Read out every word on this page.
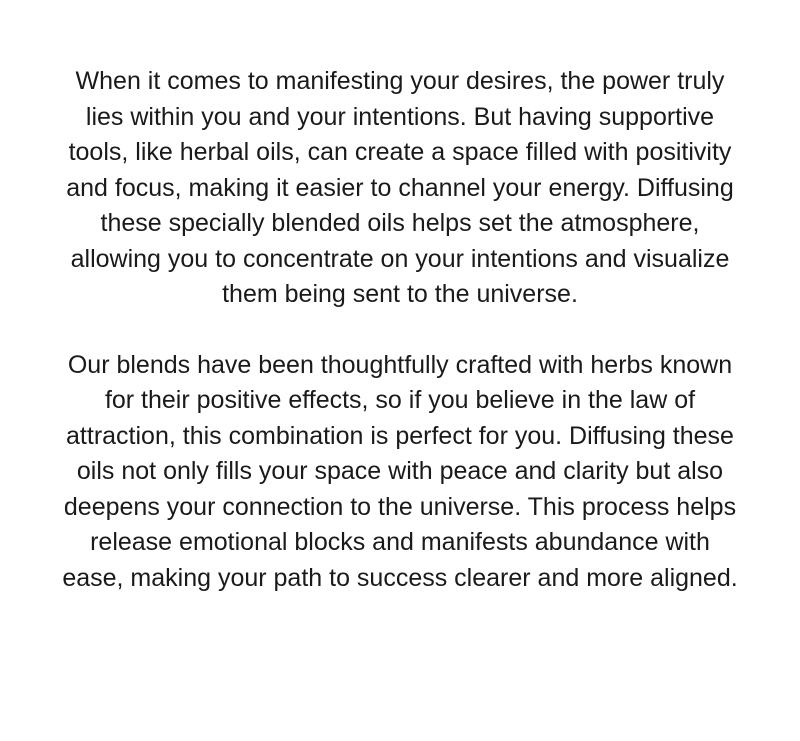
When it comes to manifesting your desires, the power truly lies within you and your intentions. But having supportive tools, like herbal oils, can create a space filled with positivity and focus, making it easier to channel your energy. Diffusing these specially blended oils helps set the atmosphere, allowing you to concentrate on your intentions and visualize them being sent to the universe.

Our blends have been thoughtfully crafted with herbs known for their positive effects, so if you believe in the law of attraction, this combination is perfect for you. Diffusing these oils not only fills your space with peace and clarity but also deepens your connection to the universe. This process helps release emotional blocks and manifests abundance with ease, making your path to success clearer and more aligned.
